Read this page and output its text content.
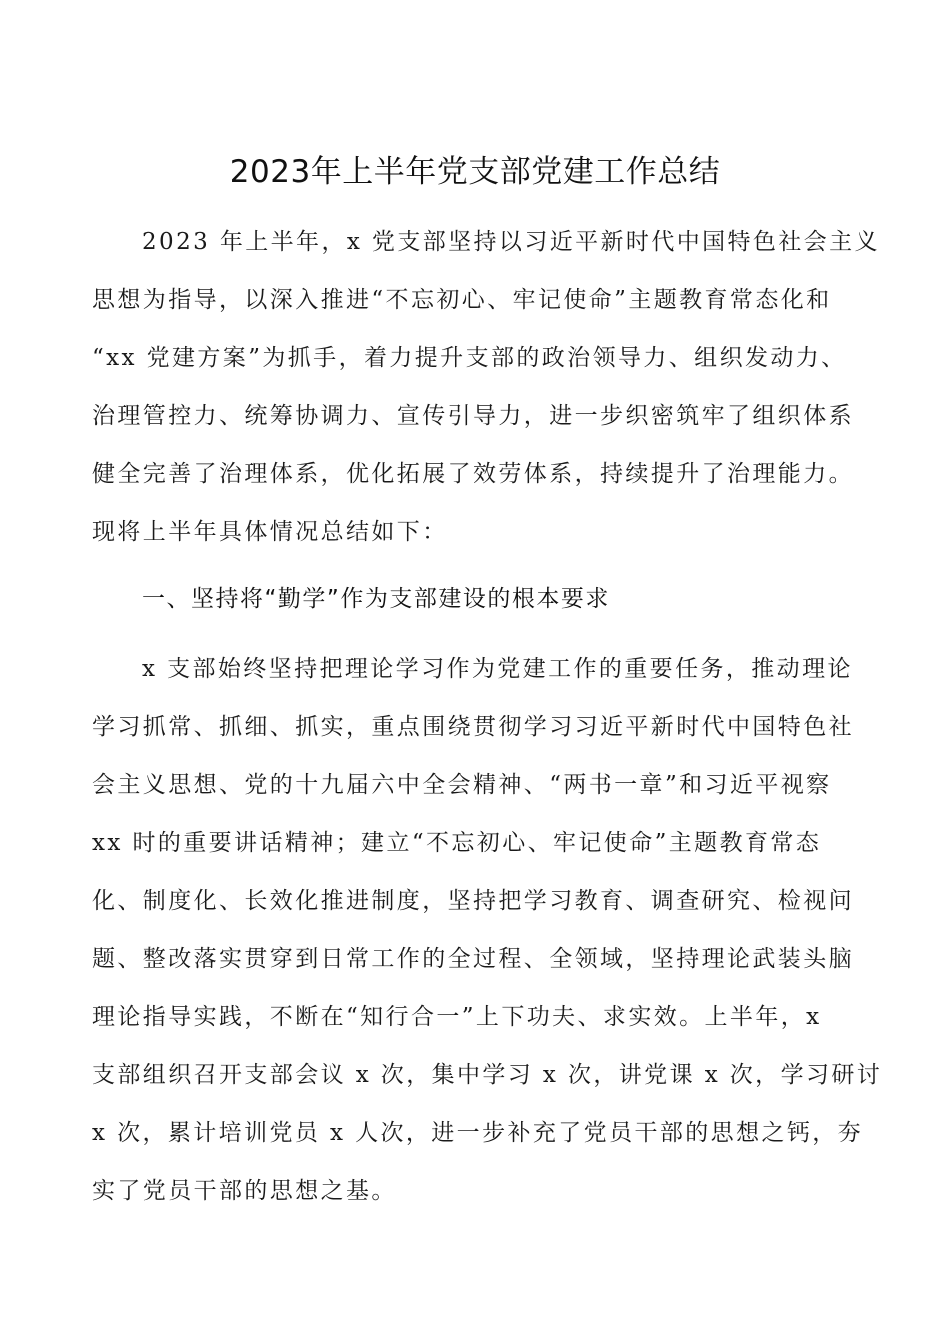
2023年上半年党支部党建工作总结
2023 年上半年，x 党支部坚持以习近平新时代中国特色社会主义
思想为指导，以深入推进“不忘初心、牢记使命”主题教育常态化和
“xx 党建方案”为抓手，着力提升支部的政治领导力、组织发动力、
治理管控力、统筹协调力、宣传引导力，进一步织密筑牢了组织体系
健全完善了治理体系，优化拓展了效劳体系，持续提升了治理能力。
现将上半年具体情况总结如下：
一、坚持将“勤学”作为支部建设的根本要求
x 支部始终坚持把理论学习作为党建工作的重要任务，推动理论
学习抓常、抓细、抓实，重点围绕贯彻学习习近平新时代中国特色社
会主义思想、党的十九届六中全会精神、“两书一章”和习近平视察
xx 时的重要讲话精神；建立“不忘初心、牢记使命”主题教育常态
化、制度化、长效化推进制度，坚持把学习教育、调查研究、检视问
题、整改落实贯穿到日常工作的全过程、全领域，坚持理论武装头脑
理论指导实践，不断在“知行合一”上下功夫、求实效。上半年，x
支部组织召开支部会议 x 次，集中学习 x 次，讲党课 x 次，学习研讨
x 次，累计培训党员 x 人次，进一步补充了党员干部的思想之钙，夯
实了党员干部的思想之基。
